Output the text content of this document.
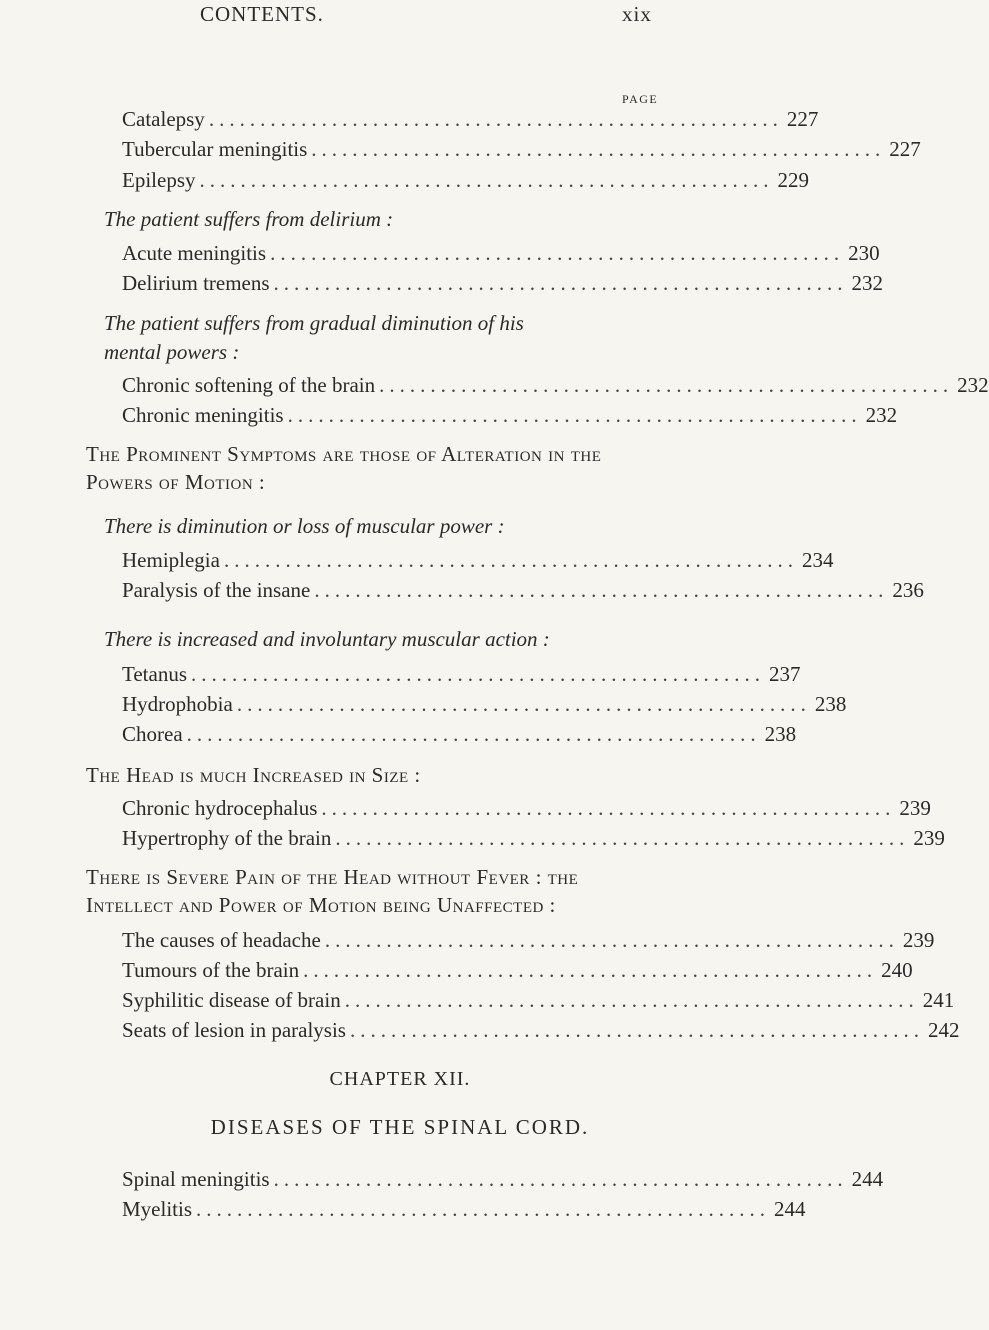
CONTENTS.	xix
PAGE
Catalepsy ........................................................ 227
Tubercular meningitis ........................................................ 227
Epilepsy ........................................................ 229
The patient suffers from delirium :
Acute meningitis ........................................................ 230
Delirium tremens ........................................................ 232
The patient suffers from gradual diminution of his
mental powers :
Chronic softening of the brain ........................................................ 232
Chronic meningitis ........................................................ 232
The Prominent Symptoms are those of Alteration in the
Powers of Motion :
There is diminution or loss of muscular power :
Hemiplegia ........................................................ 234
Paralysis of the insane ........................................................ 236
There is increased and involuntary muscular action :
Tetanus ........................................................ 237
Hydrophobia ........................................................ 238
Chorea ........................................................ 238
The Head is much Increased in Size :
Chronic hydrocephalus ........................................................ 239
Hypertrophy of the brain ........................................................ 239
There is Severe Pain of the Head without Fever : the
Intellect and Power of Motion being Unaffected :
The causes of headache ........................................................ 239
Tumours of the brain ........................................................ 240
Syphilitic disease of brain ........................................................ 241
Seats of lesion in paralysis ........................................................ 242
CHAPTER XII.
DISEASES OF THE SPINAL CORD.
Spinal meningitis ........................................................ 244
Myelitis ........................................................ 244
